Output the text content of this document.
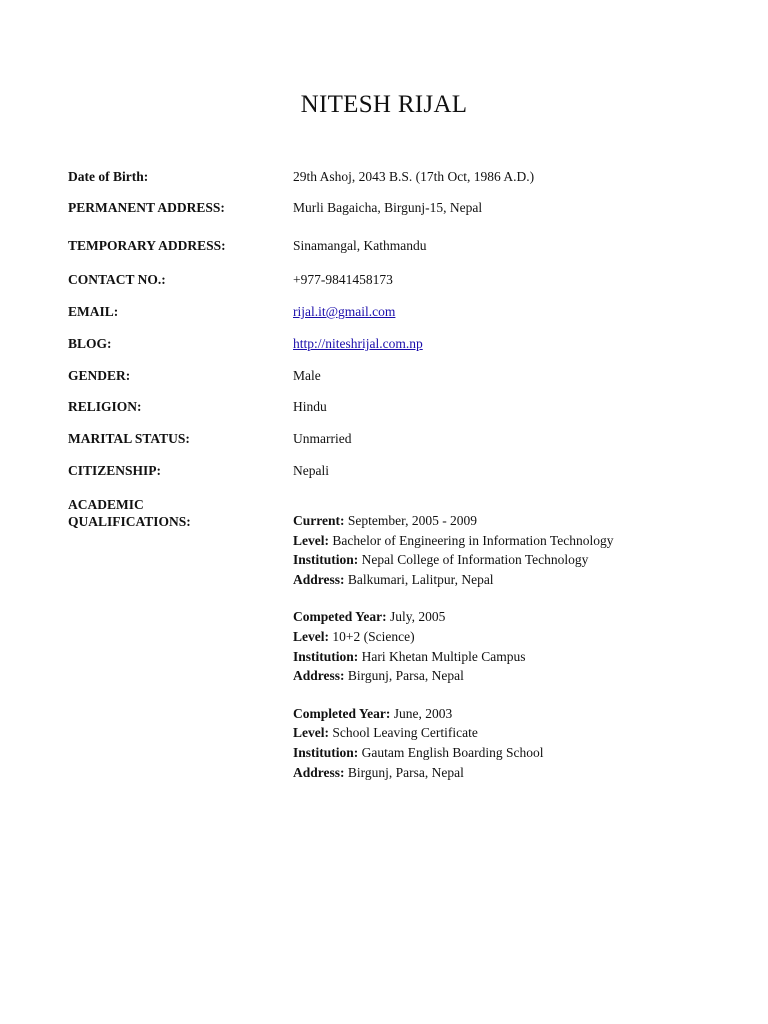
NITESH RIJAL
Date of Birth:	29th Ashoj, 2043 B.S. (17th Oct, 1986 A.D.)
PERMANENT ADDRESS:	Murli Bagaicha, Birgunj-15, Nepal
TEMPORARY ADDRESS:	Sinamangal, Kathmandu
CONTACT NO.:	+977-9841458173
EMAIL:	rijal.it@gmail.com
BLOG:	http://niteshrijal.com.np
GENDER:	Male
RELIGION:	Hindu
MARITAL STATUS:	Unmarried
CITIZENSHIP:	Nepali
ACADEMIC
QUALIFICATIONS:	Current: September, 2005 - 2009
Level: Bachelor of Engineering in Information Technology
Institution: Nepal College of Information Technology
Address: Balkumari, Lalitpur, Nepal
Competed Year: July, 2005
Level: 10+2 (Science)
Institution: Hari Khetan Multiple Campus
Address: Birgunj, Parsa, Nepal
Completed Year: June, 2003
Level: School Leaving Certificate
Institution: Gautam English Boarding School
Address: Birgunj, Parsa, Nepal
